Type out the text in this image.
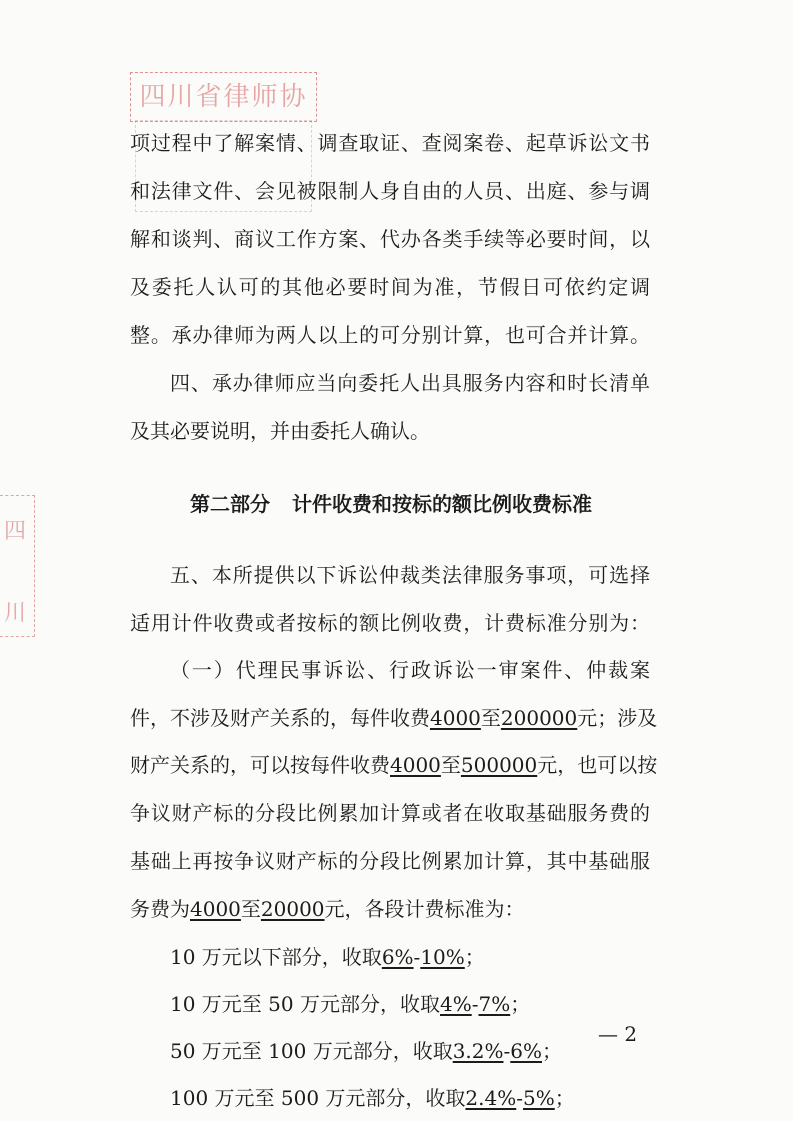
四川省律师协
四
川
项过程中了解案情、调查取证、查阅案卷、起草诉讼文书
和法律文件、会见被限制人身自由的人员、出庭、参与调
解和谈判、商议工作方案、代办各类手续等必要时间，以
及委托人认可的其他必要时间为准，节假日可依约定调
整。承办律师为两人以上的可分别计算，也可合并计算。
四、承办律师应当向委托人出具服务内容和时长清单
及其必要说明，并由委托人确认。
第二部分 计件收费和按标的额比例收费标准
五、本所提供以下诉讼仲裁类法律服务事项，可选择
适用计件收费或者按标的额比例收费，计费标准分别为：
（一）代理民事诉讼、行政诉讼一审案件、仲裁案
件，不涉及财产关系的，每件收费4000至200000元；涉及
财产关系的，可以按每件收费4000至500000元，也可以按
争议财产标的分段比例累加计算或者在收取基础服务费的
基础上再按争议财产标的分段比例累加计算，其中基础服
务费为4000至20000元，各段计费标准为：
10 万元以下部分，收取6%-10%；
10 万元至 50 万元部分，收取4%-7%；
50 万元至 100 万元部分，收取3.2%-6%；
100 万元至 500 万元部分，收取2.4%-5%；
— 2
